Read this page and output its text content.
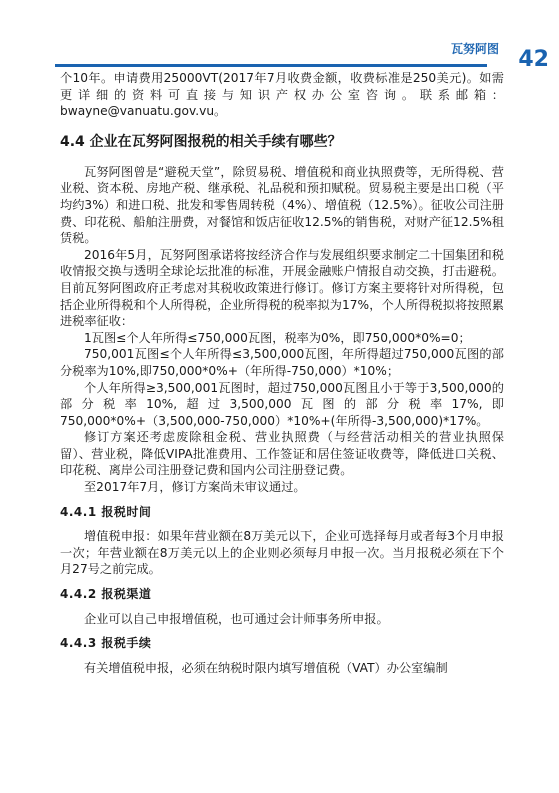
瓦努阿图 42

个10年。申请费用25000VT(2017年7月收费金额，收费标准是250美元)。如需更详细的资料可直接与知识产权办公室咨询。联系邮箱：bwayne@vanuatu.gov.vu。

4.4 企业在瓦努阿图报税的相关手续有哪些？

瓦努阿图曾是“避税天堂”，除贸易税、增值税和商业执照费等，无所得税、营业税、资本税、房地产税、继承税、礼品税和预扣赋税。贸易税主要是出口税（平均约3%）和进口税、批发和零售周转税（4%）、增值税（12.5%）。征收公司注册费、印花税、船舶注册费，对餐馆和饭店征收12.5%的销售税，对财产征12.5%租赁税。

2016年5月，瓦努阿图承诺将按经济合作与发展组织要求制定二十国集团和税收情报交换与透明全球论坛批准的标准，开展金融账户情报自动交换，打击避税。目前瓦努阿图政府正考虑对其税收政策进行修订。修订方案主要将针对所得税，包括企业所得税和个人所得税，企业所得税的税率拟为17%，个人所得税拟将按照累进税率征收：

1瓦图≤个人年所得≤750,000瓦图，税率为0%，即750,000*0%=0；

750,001瓦图≤个人年所得≤3,500,000瓦图，年所得超过750,000瓦图的部分税率为10%,即750,000*0%+（年所得-750,000）*10%；

个人年所得≥3,500,001瓦图时，超过750,000瓦图且小于等于3,500,000的部分税率10%,超过3,500,000瓦图的部分税率17%,即750,000*0%+（3,500,000-750,000）*10%+(年所得-3,500,000)*17%。

修订方案还考虑废除租金税、营业执照费（与经营活动相关的营业执照保留）、营业税，降低VIPA批准费用、工作签证和居住签证收费等，降低进口关税、印花税、离岸公司注册登记费和国内公司注册登记费。

至2017年7月，修订方案尚未审议通过。

4.4.1 报税时间

增值税申报：如果年营业额在8万美元以下，企业可选择每月或者每3个月申报一次；年营业额在8万美元以上的企业则必须每月申报一次。当月报税必须在下个月27号之前完成。

4.4.2 报税渠道

企业可以自己申报增值税，也可通过会计师事务所申报。

4.4.3 报税手续

有关增值税申报，必须在纳税时限内填写增值税（VAT）办公室编制
